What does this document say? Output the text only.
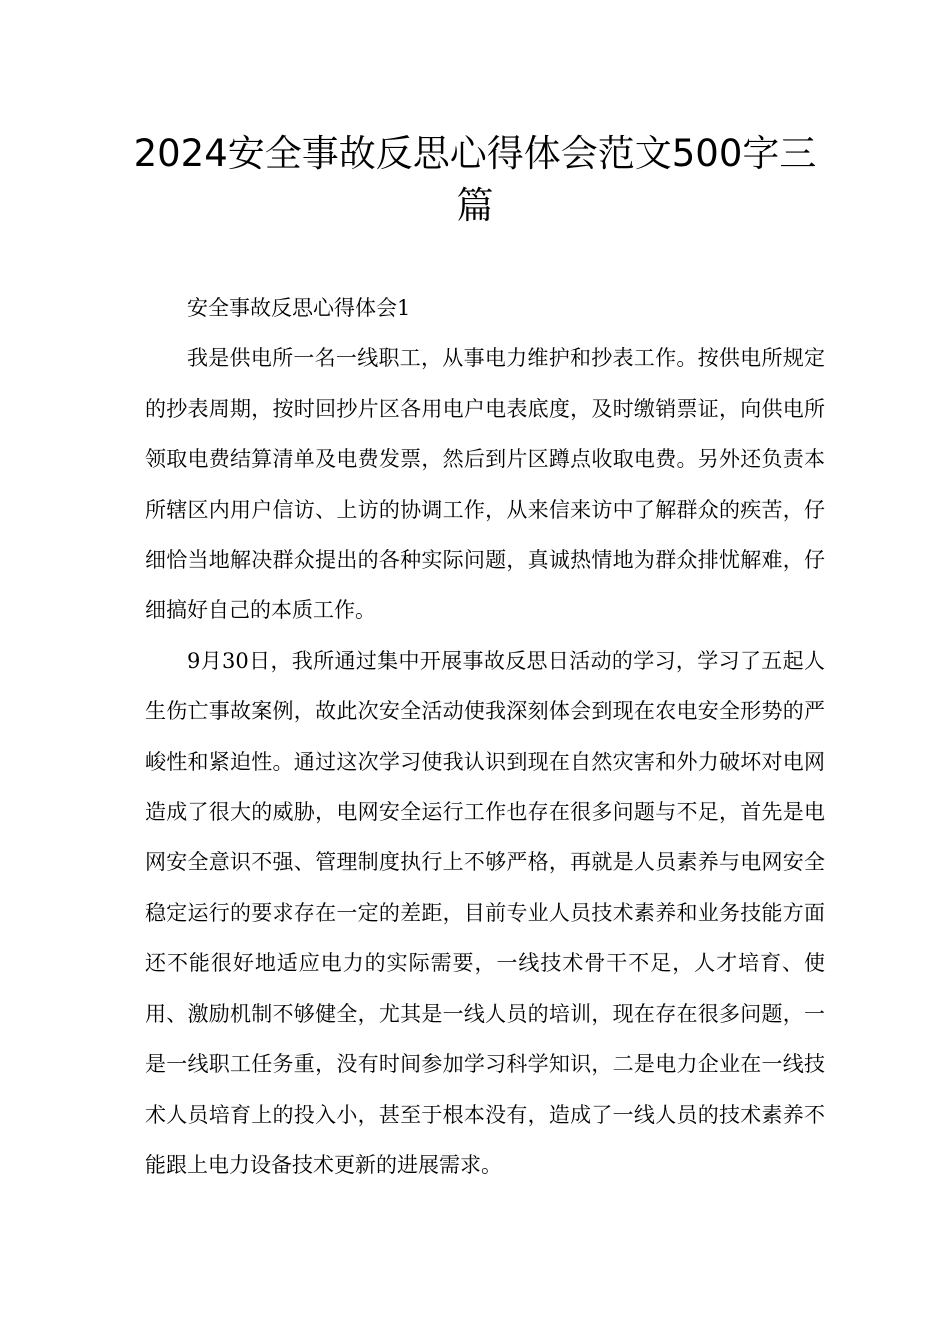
2024安全事故反思心得体会范文500字三篇

安全事故反思心得体会1

我是供电所一名一线职工，从事电力维护和抄表工作。按供电所规定的抄表周期，按时回抄片区各用电户电表底度，及时缴销票证，向供电所领取电费结算清单及电费发票，然后到片区蹲点收取电费。另外还负责本所辖区内用户信访、上访的协调工作，从来信来访中了解群众的疾苦，仔细恰当地解决群众提出的各种实际问题，真诚热情地为群众排忧解难，仔细搞好自己的本质工作。

9月30日，我所通过集中开展事故反思日活动的学习，学习了五起人生伤亡事故案例，故此次安全活动使我深刻体会到现在农电安全形势的严峻性和紧迫性。通过这次学习使我认识到现在自然灾害和外力破坏对电网造成了很大的威胁，电网安全运行工作也存在很多问题与不足，首先是电网安全意识不强、管理制度执行上不够严格，再就是人员素养与电网安全稳定运行的要求存在一定的差距，目前专业人员技术素养和业务技能方面还不能很好地适应电力的实际需要，一线技术骨干不足，人才培育、使用、激励机制不够健全，尤其是一线人员的培训，现在存在很多问题，一是一线职工任务重，没有时间参加学习科学知识，二是电力企业在一线技术人员培育上的投入小，甚至于根本没有，造成了一线人员的技术素养不能跟上电力设备技术更新的进展需求。
